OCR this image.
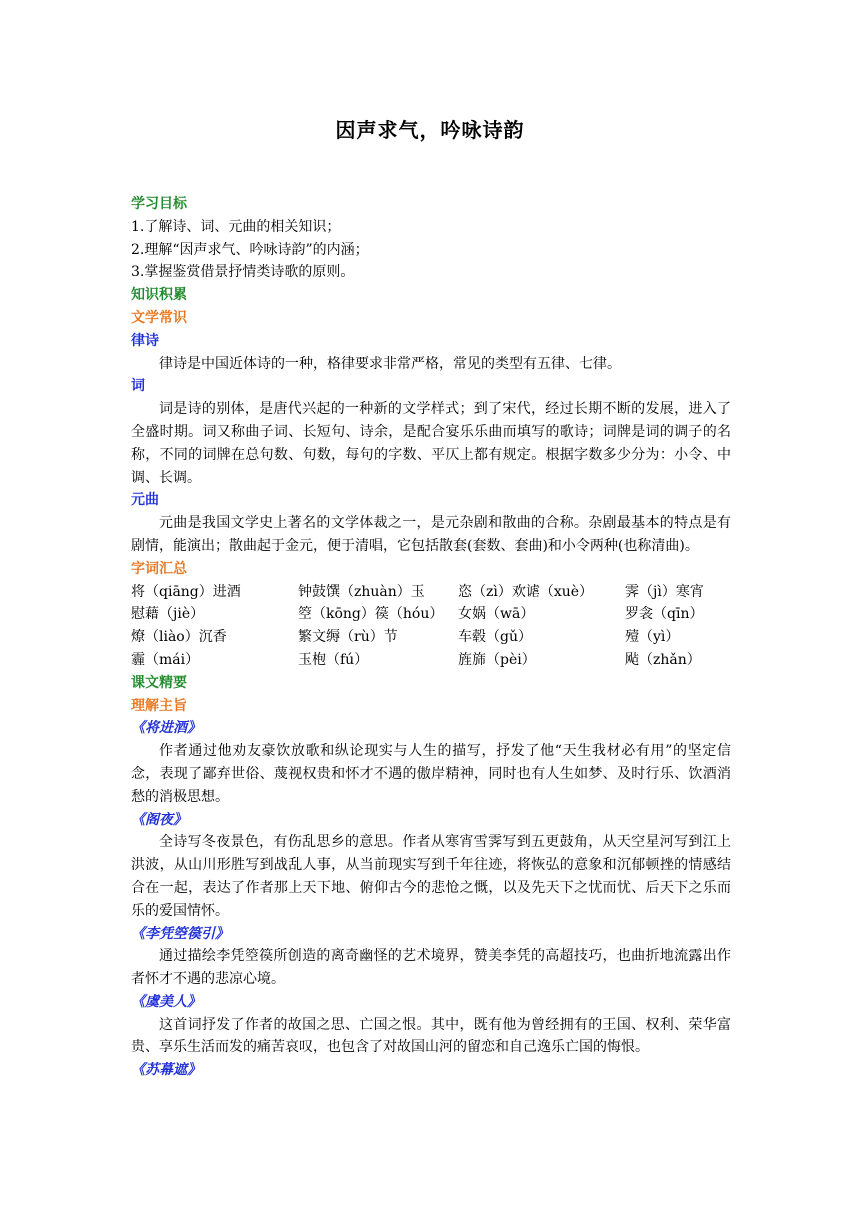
因声求气，吟咏诗韵
学习目标
1.了解诗、词、元曲的相关知识；
2.理解“因声求气、吟咏诗韵”的内涵；
3.掌握鉴赏借景抒情类诗歌的原则。
知识积累
文学常识
律诗
律诗是中国近体诗的一种，格律要求非常严格，常见的类型有五律、七律。
词
词是诗的别体，是唐代兴起的一种新的文学样式；到了宋代，经过长期不断的发展，进入了全盛时期。词又称曲子词、长短句、诗余，是配合宴乐乐曲而填写的歌诗；词牌是词的调子的名称，不同的词牌在总句数、句数，每句的字数、平仄上都有规定。根据字数多少分为：小令、中调、长调。
元曲
元曲是我国文学史上著名的文学体裁之一，是元杂剧和散曲的合称。杂剧最基本的特点是有剧情，能演出；散曲起于金元，便于清唱，它包括散套(套数、套曲)和小令两种(也称清曲)。
字词汇总
将（qiāng）进酒	钟鼓馔（zhuàn）玉	恣（zì）欢谑（xuè）	霁（jì）寒宵
慰藉（jiè）	箜（kōng）篌（hóu）	女娲（wā）	罗衾（qīn）
燎（liào）沉香	繁文缛（rù）节	车毂（gǔ）	殪（yì）
霾（mái）	玉枹（fú）	旌旆（pèi）	飐（zhǎn）
课文精要
理解主旨
《将进酒》
作者通过他劝友豪饮放歌和纵论现实与人生的描写，抒发了他“天生我材必有用”的坚定信念，表现了鄙弃世俗、蔑视权贵和怀才不遇的傲岸精神，同时也有人生如梦、及时行乐、饮酒消愁的消极思想。
《阁夜》
全诗写冬夜景色，有伤乱思乡的意思。作者从寒宵雪霁写到五更鼓角，从天空星河写到江上洪波，从山川形胜写到战乱人事，从当前现实写到千年往迹，将恢弘的意象和沉郁顿挫的情感结合在一起，表达了作者那上天下地、俯仰古今的悲怆之慨，以及先天下之忧而忧、后天下之乐而乐的爱国情怀。
《李凭箜篌引》
通过描绘李凭箜篌所创造的离奇幽怪的艺术境界，赞美李凭的高超技巧，也曲折地流露出作者怀才不遇的悲凉心境。
《虞美人》
这首词抒发了作者的故国之思、亡国之恨。其中，既有他为曾经拥有的王国、权利、荣华富贵、享乐生活而发的痛苦哀叹，也包含了对故国山河的留恋和自己逸乐亡国的悔恨。
《苏幕遮》
